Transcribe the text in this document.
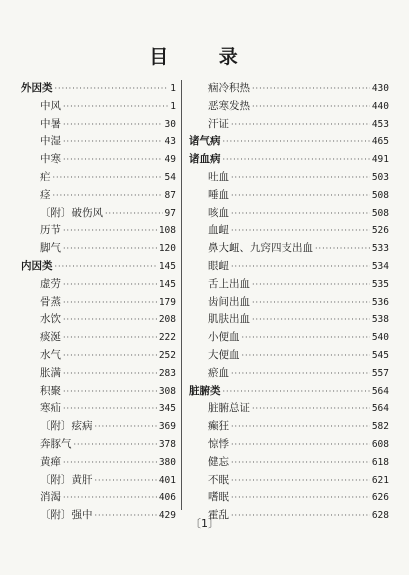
目 录
外因类 ·····	1
中风 ·····	1
中暑 ·····	30
中湿 ·····	43
中寒 ·····	49
疟 ·····	54
痉 ·····	87
〔附〕破伤风 ·····	97
历节 ·····	108
脚气 ·····	120
内因类 ·····	145
虚劳 ·····	145
骨蒸 ·····	179
水饮 ·····	208
痰涎 ·····	222
水气 ·····	252
胀满 ·····	283
积聚 ·····	308
寒疝 ·····	345
〔附〕痃病 ·····	369
奔豚气 ·····	378
黄瘅 ·····	380
〔附〕黄肝 ·····	401
消渴 ·····	406
〔附〕强中 ·····	429
痼冷积热 ·····	430
恶寒发热 ·····	440
汗证 ·····	453
诸气病 ·····	465
诸血病 ·····	491
吐血 ·····	503
唾血 ·····	508
咳血 ·····	508
血衄 ·····	526
鼻大衄、九窍四支出血 ·····	533
眼衄 ·····	534
舌上出血 ·····	535
齿间出血 ·····	536
肌肤出血 ·····	538
小便血 ·····	540
大便血 ·····	545
瘀血 ·····	557
脏腑类 ·····	564
脏腑总证 ·····	564
癫狂 ·····	582
惊悸 ·····	608
健忘 ·····	618
不眠 ·····	621
嗜眠 ·····	626
霍乱 ·····	628
〔1〕
